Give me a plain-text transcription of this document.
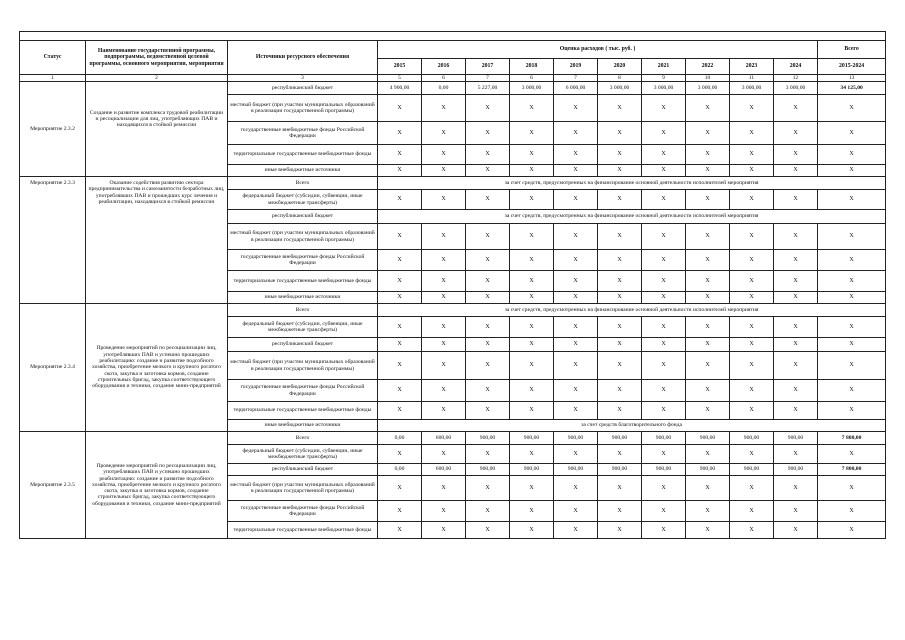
Статус	Наименование государственной программы, подпрограммы, ведомственной целевой программы, основного мероприятия, мероприятия	Источники ресурсного обеспечения	Оценка расходов ( тыс. руб. )										Всего
			2015	2016	2017	2018	2019	2020	2021	2022	2023	2024	2015-2024
1	2	3	5	6	7	6	7	8	9	10	11	12	13
Мероприятие 2.3.2	Создание и развитие комплекса трудовой реабилитации и ресоциализации для лиц, употребляющих ПАВ и находящихся в стойкой ремиссии	республиканский бюджет	4 900,00	0,00	5 227,00	3 000,00	6 000,00	3 000,00	3 000,00	3 000,00	3 000,00	3 000,00	34 125,00
		местный бюджет (при участии муниципальных образований в реализации государственной программы)	Х	Х	Х	Х	Х	Х	Х	Х	Х	Х	Х
		государственные внебюджетные фонды Российской Федерации	Х	Х	Х	Х	Х	Х	Х	Х	Х	Х	Х
		территориальные государственные внебюджетные фонды	Х	Х	Х	Х	Х	Х	Х	Х	Х	Х	Х
		иные внебюджетные источники	Х	Х	Х	Х	Х	Х	Х	Х	Х	Х	Х
Мероприятие 2.3.3	Оказание содействия развитию сектора предпринимательства и самозанятости безработных лиц, употреблявших ПАВ и прошедших курс лечения и реабилитации, находящихся в стойкой ремиссии	Всего	за счет средств, предусмотренных на финансирование основной деятельности исполнителей мероприятия										
		федеральный бюджет (субсидии, субвенции, иные межбюджетные трансферты)	Х	Х	Х	Х	Х	Х	Х	Х	Х	Х	Х
		республиканский бюджет	за счет средств, предусмотренных на финансирование основной деятельности исполнителей мероприятия										
		местный бюджет (при участии муниципальных образований в реализации государственной программы)	Х	Х	Х	Х	Х	Х	Х	Х	Х	Х	Х
		государственные внебюджетные фонды Российской Федерации	Х	Х	Х	Х	Х	Х	Х	Х	Х	Х	Х
		территориальные государственные внебюджетные фонды	Х	Х	Х	Х	Х	Х	Х	Х	Х	Х	Х
		иные внебюджетные источники	Х	Х	Х	Х	Х	Х	Х	Х	Х	Х	Х
Мероприятие 2.3.4	Проведение мероприятий по ресоциализации лиц, употреблявших ПАВ и успешно прошедших реабилитацию: создание и развитие подсобного хозяйства, приобретение мелкого и крупного рогатого скота, закупка и заготовка кормов, создание строительных бригад, закупка соответствующего оборудования и техники, создание мини-предприятий	Всего	за счет средств, предусмотренных на финансирование основной деятельности исполнителей мероприятия										
		федеральный бюджет (субсидии, субвенции, иные межбюджетные трансферты)	Х	Х	Х	Х	Х	Х	Х	Х	Х	Х	Х
		республиканский бюджет	Х	Х	Х	Х	Х	Х	Х	Х	Х	Х	Х
		местный бюджет (при участии муниципальных образований в реализации государственной программы)	Х	Х	Х	Х	Х	Х	Х	Х	Х	Х	Х
		государственные внебюджетные фонды Российской Федерации	Х	Х	Х	Х	Х	Х	Х	Х	Х	Х	Х
		территориальные государственные внебюджетные фонды	Х	Х	Х	Х	Х	Х	Х	Х	Х	Х	Х
		иные внебюджетные источники	за счет средств благотворительного фонда										
Мероприятие 2.3.5	Проведение мероприятий по ресоциализации лиц, употреблявших ПАВ и успешно прошедших реабилитацию: создание и развитие подсобного хозяйства, приобретение мелкого и крупного рогатого скота, закупка и заготовка кормов, создание строительных бригад, закупка соответствующего оборудования и техники, создание мини-предприятий	Всего	0,00	600,00	900,00	900,00	900,00	900,00	900,00	900,00	900,00	900,00	7 800,00
		федеральный бюджет (субсидии, субвенции, иные межбюджетные трансферты)	Х	Х	Х	Х	Х	Х	Х	Х	Х	Х	Х
		республиканский бюджет	0,00	600,00	900,00	900,00	900,00	900,00	900,00	900,00	900,00	900,00	7 800,00
		местный бюджет (при участии муниципальных образований в реализации государственной программы)	Х	Х	Х	Х	Х	Х	Х	Х	Х	Х	Х
		государственные внебюджетные фонды Российской Федерации	Х	Х	Х	Х	Х	Х	Х	Х	Х	Х	Х
		территориальные государственные внебюджетные фонды	Х	Х	Х	Х	Х	Х	Х	Х	Х	Х	Х
